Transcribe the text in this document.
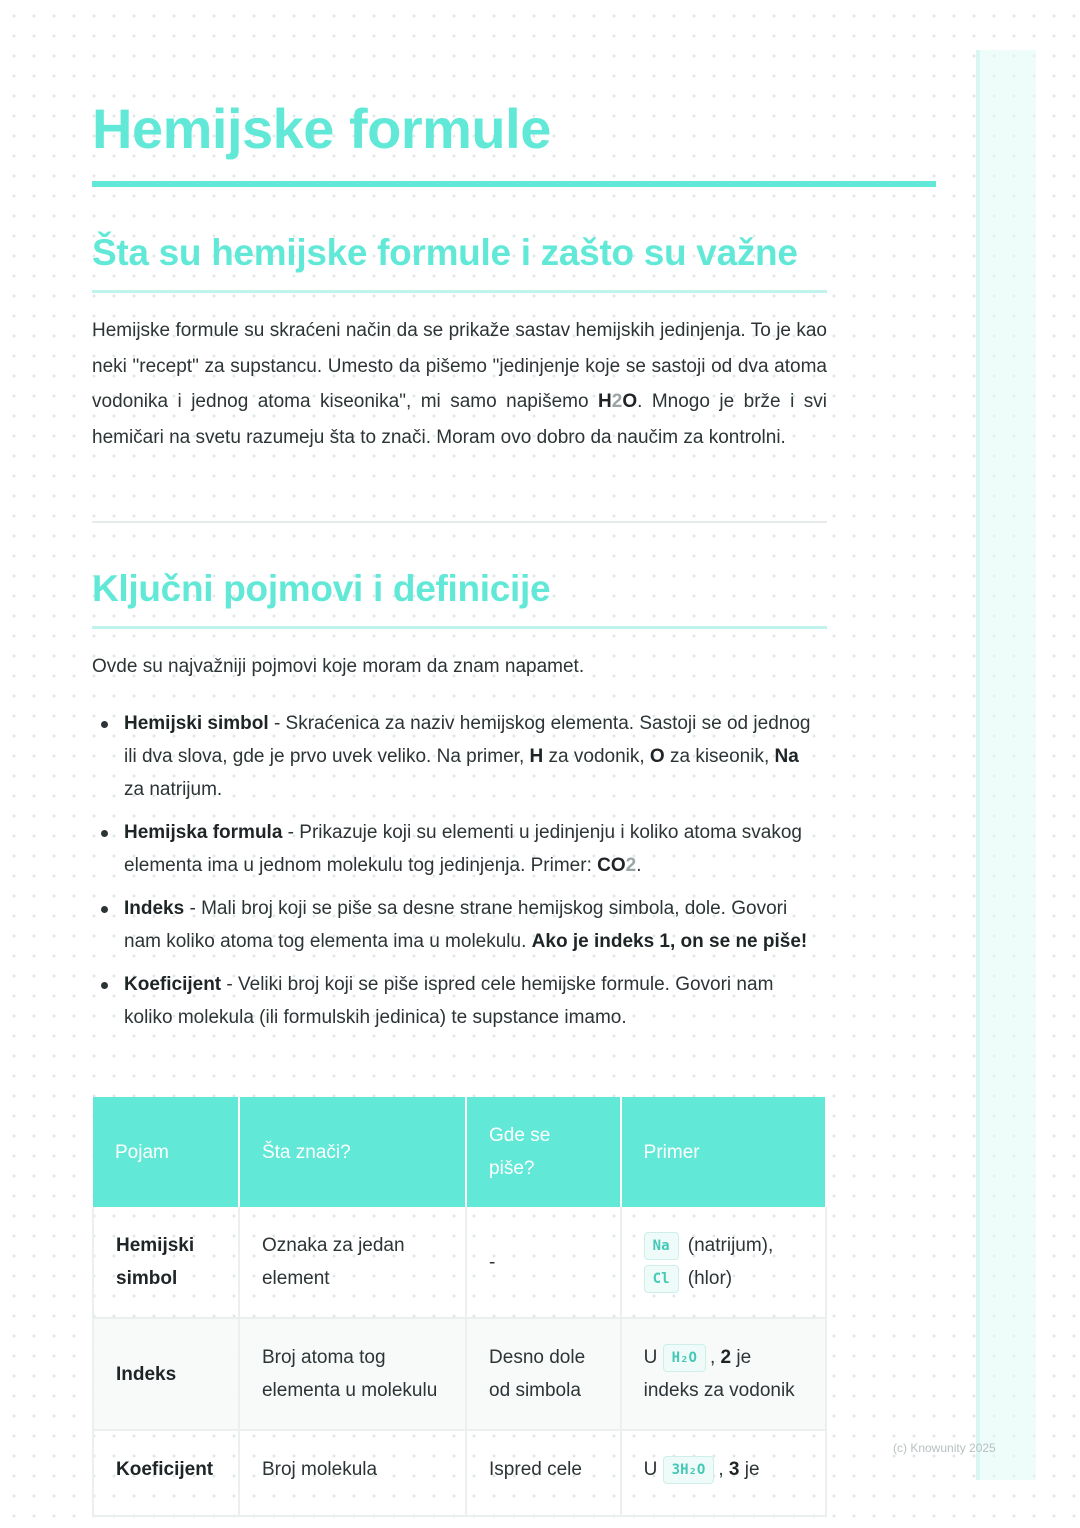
Hemijske formule
Šta su hemijske formule i zašto su važne

Hemijske formule su skraćeni način da se prikaže sastav hemijskih jedinjenja. To je kao neki "recept" za supstancu. Umesto da pišemo "jedinjenje koje se sastoji od dva atoma vodonika i jednog atoma kiseonika", mi samo napišemo H2O. Mnogo je brže i svi hemičari na svetu razumeju šta to znači. Moram ovo dobro da naučim za kontrolni.

Ključni pojmovi i definicije

Ovde su najvažniji pojmovi koje moram da znam napamet.

Hemijski simbol - Skraćenica za naziv hemijskog elementa. Sastoji se od jednog ili dva slova, gde je prvo uvek veliko. Na primer, H za vodonik, O za kiseonik, Na za natrijum.
Hemijska formula - Prikazuje koji su elementi u jedinjenju i koliko atoma svakog elementa ima u jednom molekulu tog jedinjenja. Primer: CO2.
Indeks - Mali broj koji se piše sa desne strane hemijskog simbola, dole. Govori nam koliko atoma tog elementa ima u molekulu. Ako je indeks 1, on se ne piše!
Koeficijent - Veliki broj koji se piše ispred cele hemijske formule. Govori nam koliko molekula (ili formulskih jedinica) te supstance imamo.
Pojam	Šta znači?	Gde se piše?	Primer
Hemijski simbol	Oznaka za jedan element	-	Na (natrijum),
Cl (hlor)
Indeks	Broj atoma tog elementa u molekulu	Desno dole od simbola	U H₂O , 2 je indeks za vodonik
Koeficijent	Broj molekula	Ispred cele	U 3H₂O , 3 je
(c) Knowunity 2025
